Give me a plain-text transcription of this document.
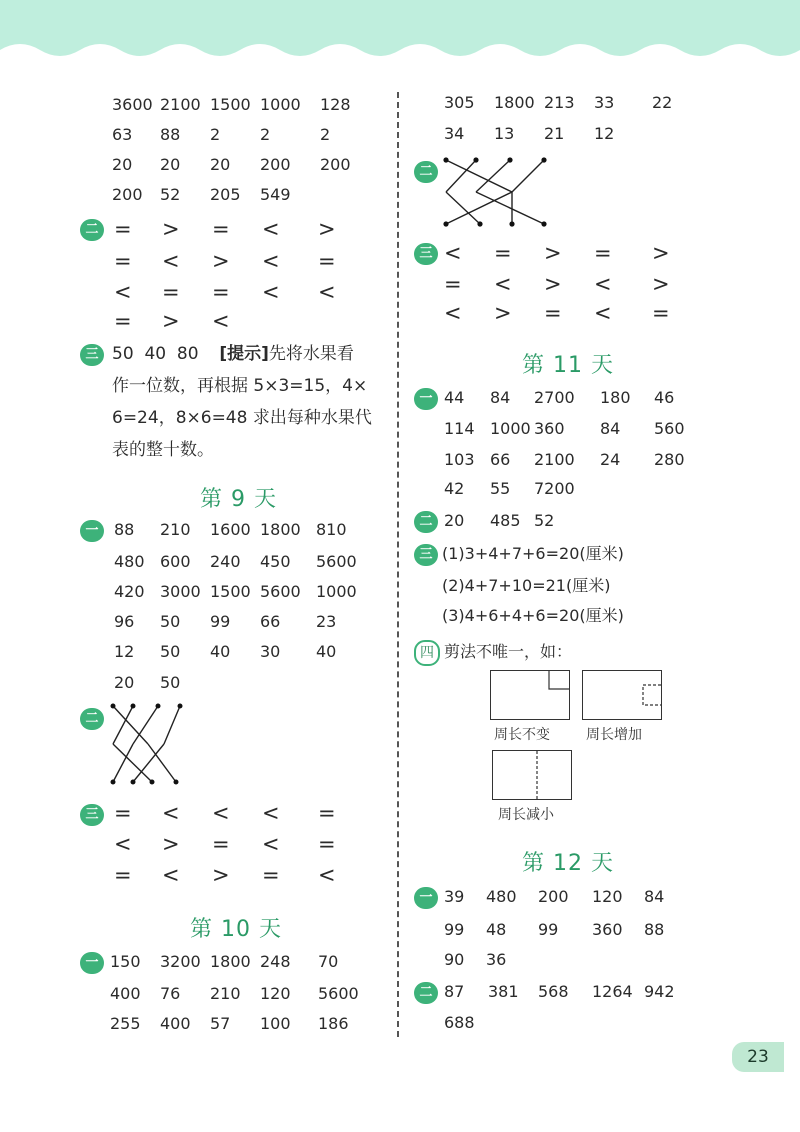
3600 2100 1500 1000 128
63 88 2 2	2
20 20 20 200 200
200 52 205 549
二 = > = < >
= < > < =
< = = < <
= > <
三 50  40  80 [提示]先将水果看
作一位数，再根据 5×3=15，4×
6=24，8×6=48 求出每种水果代
表的整十数。
第 9 天
一 88 210 1600 1800 810
480 600 240 450 5600
420 3000 1500 5600 1000
96 50 99 66 23
12 50 40 30 40
20 50
二
三 = < < < =
< > = < =
= < > = <
第 10 天
一 150 3200 1800 248 70
400 76 210 120 5600
255 400 57 100 186
305 1800 213 33 22
34 13 21 12
二
三 < = > = >
= < > < >
< > = < =
第 11 天
一 44 84 2700 180 46
114 1000 360 84 560
103 66 2100 24 280
42 55 7200
二 20 485 52
三 (1)3+4+7+6=20(厘米)
(2)4+7+10=21(厘米)
(3)4+6+4+6=20(厘米)
四 剪法不唯一，如：
周长不变	周长增加
周长减小
第 12 天
一 39 480 200 120 84
99 48 99 360 88
90 36
二 87 381 568 1264 942
688
23
